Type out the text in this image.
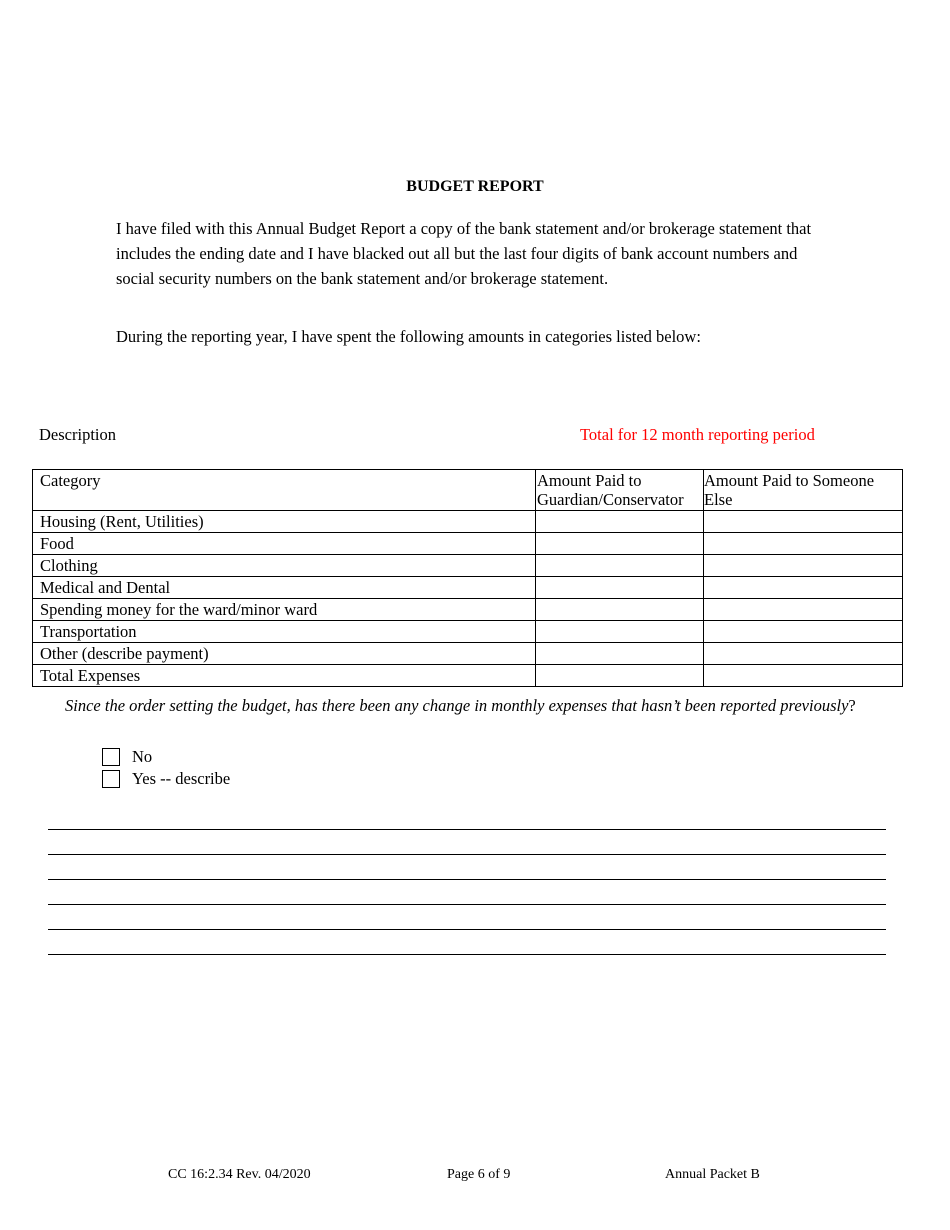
BUDGET REPORT
I have filed with this Annual Budget Report a copy of the bank statement and/or brokerage statement that includes the ending date and I have blacked out all but the last four digits of bank account numbers and social security numbers on the bank statement and/or brokerage statement.
During the reporting year, I have spent the following amounts in categories listed below:
Description	Total for 12 month reporting period
Category	Amount Paid to Guardian/Conservator	Amount Paid to Someone Else
Housing (Rent, Utilities)		
Food		
Clothing		
Medical and Dental		
Spending money for the ward/minor ward		
Transportation		
Other (describe payment)		
Total Expenses		
Since the order setting the budget, has there been any change in monthly expenses that hasn’t been reported previously?
No
Yes -- describe
CC 16:2.34 Rev. 04/2020	Page 6 of 9	Annual Packet B
